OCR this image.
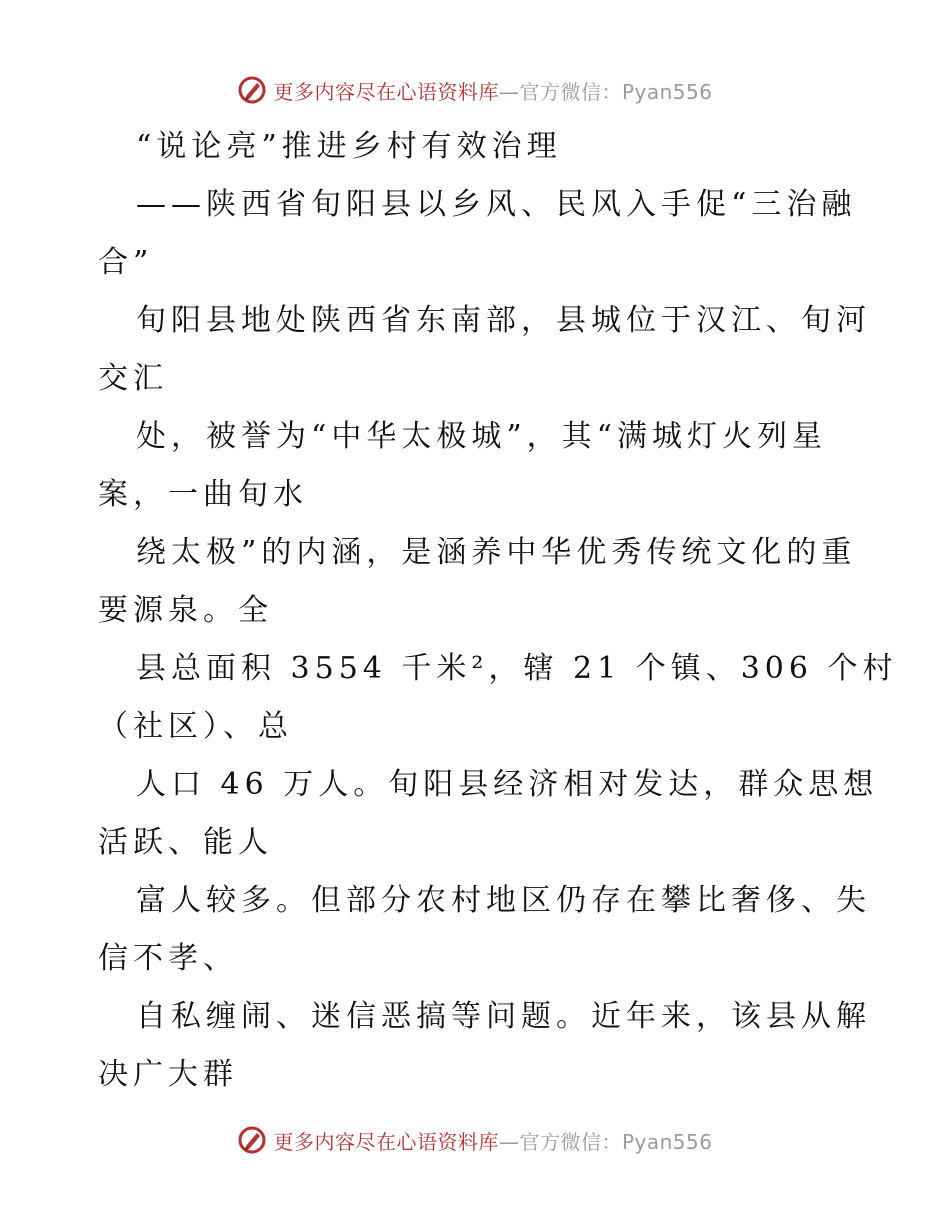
更多内容尽在心语资料库—官方微信：Pyan556
“说论亮”推进乡村有效治理
——陕西省旬阳县以乡风、民风入手促“三治融
合”
旬阳县地处陕西省东南部，县城位于汉江、旬河
交汇
处，被誉为“中华太极城”，其“满城灯火列星
案，一曲旬水
绕太极”的内涵，是涵养中华优秀传统文化的重
要源泉。全
县总面积 3554 千米²，辖 21 个镇、306 个村
（社区）、总
人口 46 万人。旬阳县经济相对发达，群众思想
活跃、能人
富人较多。但部分农村地区仍存在攀比奢侈、失
信不孝、
自私缠闹、迷信恶搞等问题。近年来，该县从解
决广大群
更多内容尽在心语资料库—官方微信：Pyan556
